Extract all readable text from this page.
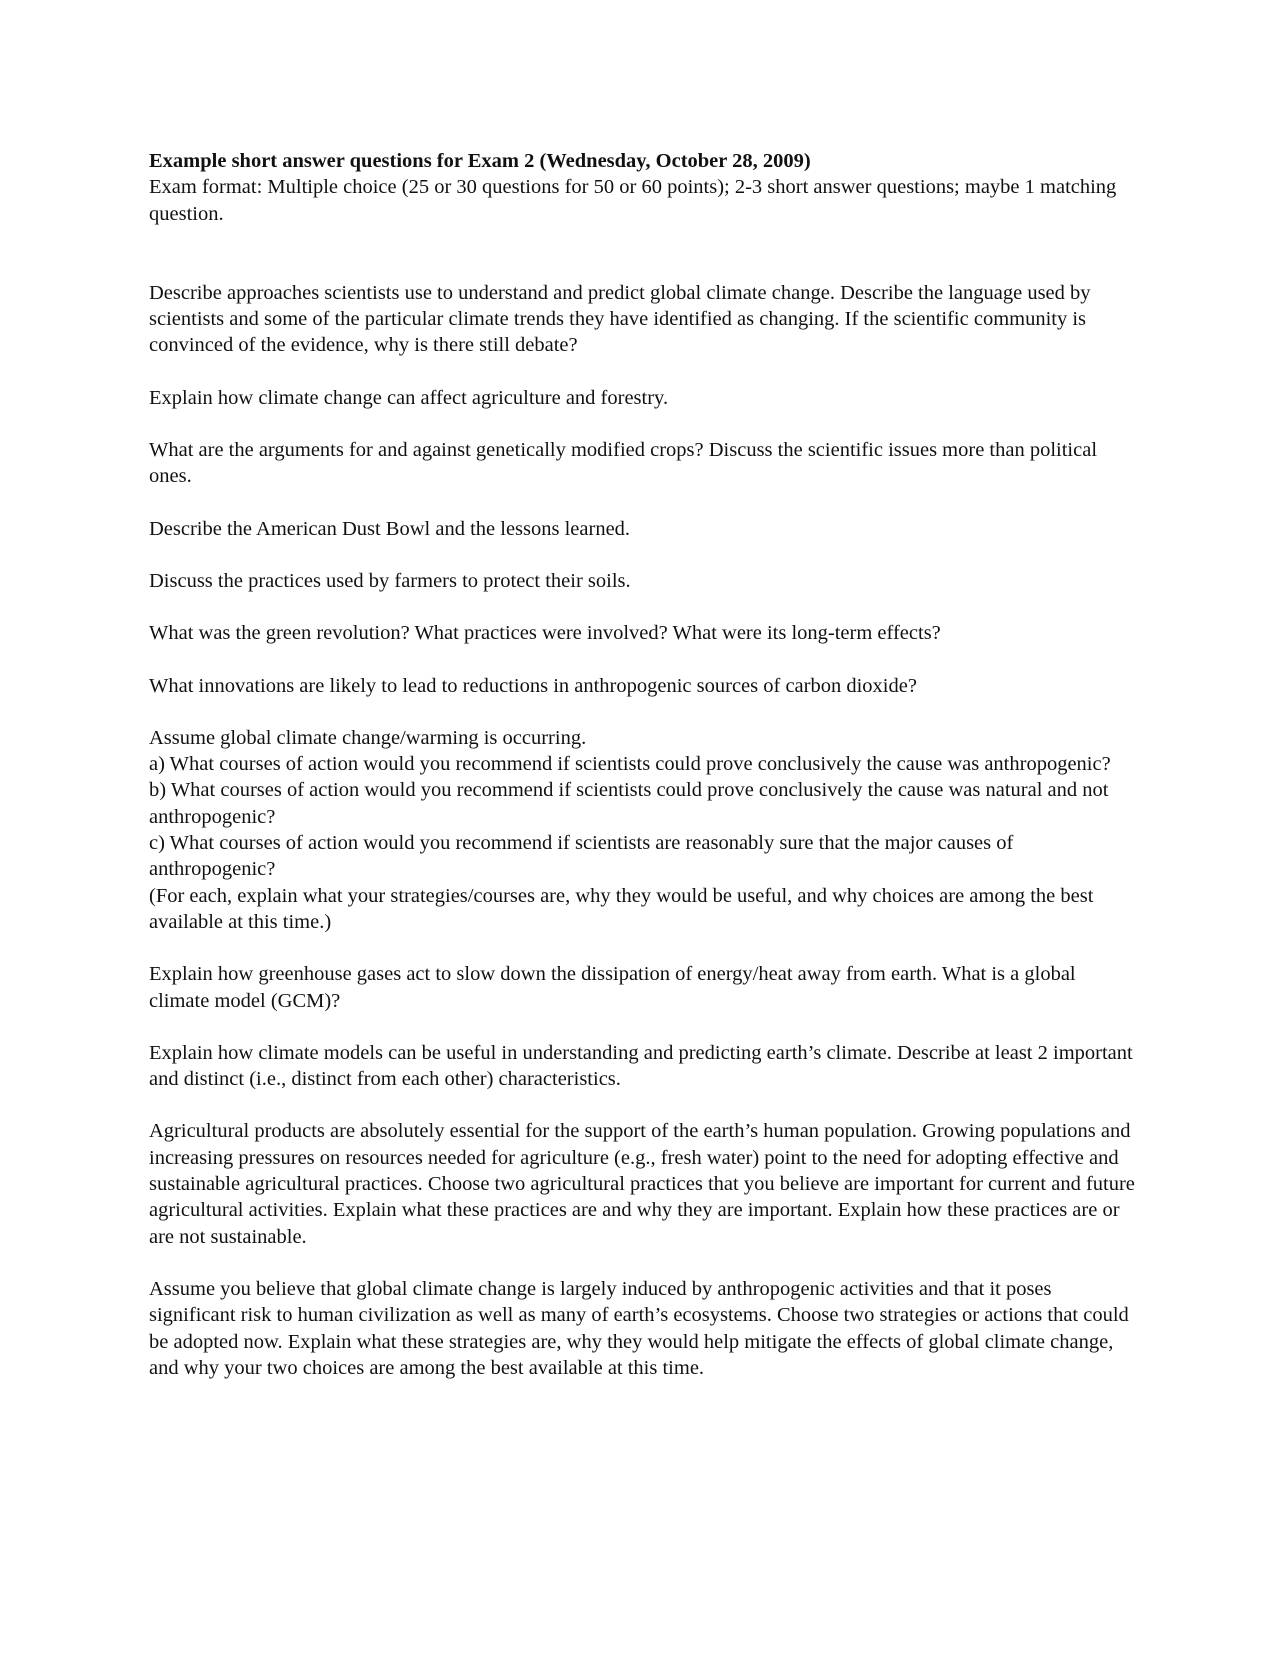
Example short answer questions for Exam 2 (Wednesday, October 28, 2009)

Exam format: Multiple choice (25 or 30 questions for 50 or 60 points); 2-3 short answer questions; maybe 1 matching question.

Describe approaches scientists use to understand and predict global climate change. Describe the language used by scientists and some of the particular climate trends they have identified as changing. If the scientific community is convinced of the evidence, why is there still debate?

Explain how climate change can affect agriculture and forestry.

What are the arguments for and against genetically modified crops? Discuss the scientific issues more than political ones.

Describe the American Dust Bowl and the lessons learned.

Discuss the practices used by farmers to protect their soils.

What was the green revolution? What practices were involved? What were its long-term effects?

What innovations are likely to lead to reductions in anthropogenic sources of carbon dioxide?

Assume global climate change/warming is occurring.

a) What courses of action would you recommend if scientists could prove conclusively the cause was anthropogenic?

b) What courses of action would you recommend if scientists could prove conclusively the cause was natural and not anthropogenic?

c) What courses of action would you recommend if scientists are reasonably sure that the major causes of anthropogenic?

(For each, explain what your strategies/courses are, why they would be useful, and why choices are among the best available at this time.)

Explain how greenhouse gases act to slow down the dissipation of energy/heat away from earth. What is a global climate model (GCM)?

Explain how climate models can be useful in understanding and predicting earth’s climate. Describe at least 2 important and distinct (i.e., distinct from each other) characteristics.

Agricultural products are absolutely essential for the support of the earth’s human population. Growing populations and increasing pressures on resources needed for agriculture (e.g., fresh water) point to the need for adopting effective and sustainable agricultural practices. Choose two agricultural practices that you believe are important for current and future agricultural activities. Explain what these practices are and why they are important. Explain how these practices are or are not sustainable.

Assume you believe that global climate change is largely induced by anthropogenic activities and that it poses significant risk to human civilization as well as many of earth’s ecosystems. Choose two strategies or actions that could be adopted now. Explain what these strategies are, why they would help mitigate the effects of global climate change, and why your two choices are among the best available at this time.
